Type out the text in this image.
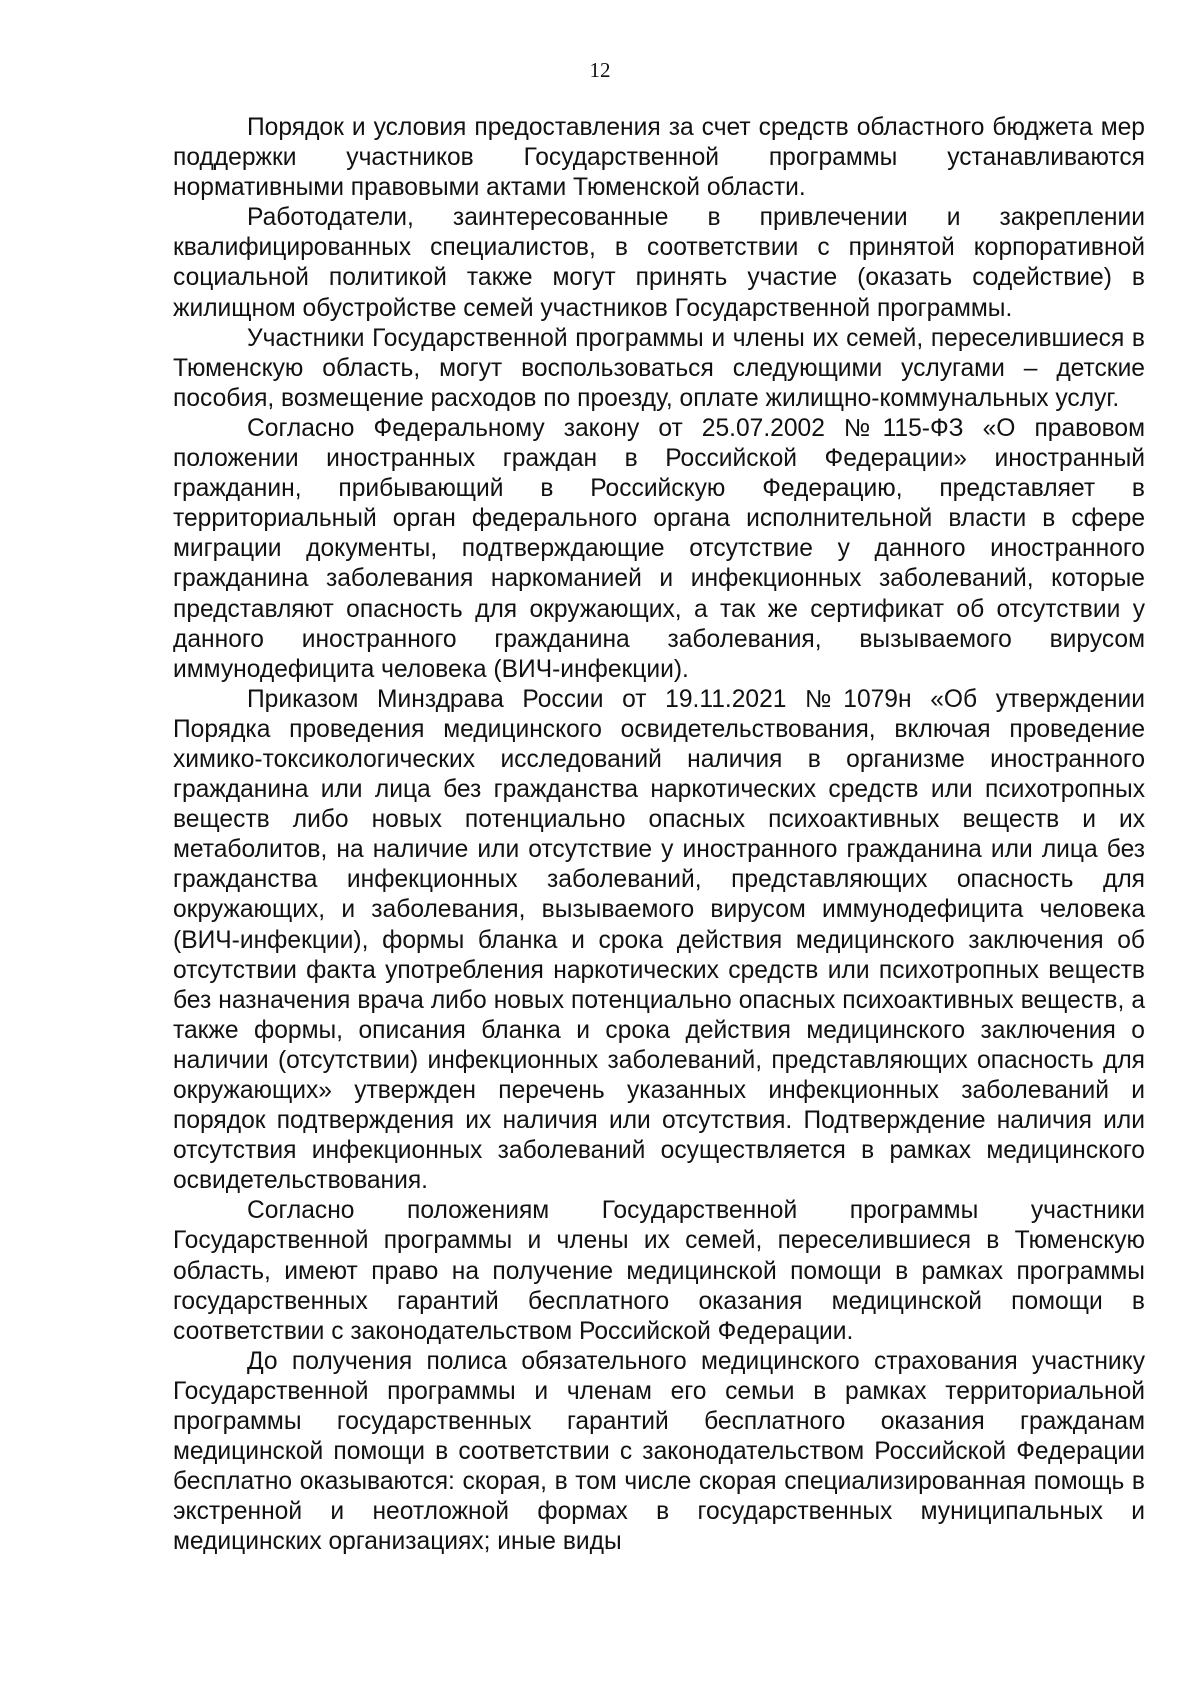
12

Порядок и условия предоставления за счет средств областного бюджета мер поддержки участников Государственной программы устанавливаются нормативными правовыми актами Тюменской области.

Работодатели, заинтересованные в привлечении и закреплении квалифицированных специалистов, в соответствии с принятой корпоративной социальной политикой также могут принять участие (оказать содействие) в жилищном обустройстве семей участников Государственной программы.

Участники Государственной программы и члены их семей, переселившиеся в Тюменскую область, могут воспользоваться следующими услугами – детские пособия, возмещение расходов по проезду, оплате жилищно-коммунальных услуг.

Согласно Федеральному закону от 25.07.2002 №115-ФЗ «О правовом положении иностранных граждан в Российской Федерации» иностранный гражданин, прибывающий в Российскую Федерацию, представляет в территориальный орган федерального органа исполнительной власти в сфере миграции документы, подтверждающие отсутствие у данного иностранного гражданина заболевания наркоманией и инфекционных заболеваний, которые представляют опасность для окружающих, а так же сертификат об отсутствии у данного иностранного гражданина заболевания, вызываемого вирусом иммунодефицита человека (ВИЧ-инфекции).

Приказом Минздрава России от 19.11.2021 №1079н «Об утверждении Порядка проведения медицинского освидетельствования, включая проведение химико-токсикологических исследований наличия в организме иностранного гражданина или лица без гражданства наркотических средств или психотропных веществ либо новых потенциально опасных психоактивных веществ и их метаболитов, на наличие или отсутствие у иностранного гражданина или лица без гражданства инфекционных заболеваний, представляющих опасность для окружающих, и заболевания, вызываемого вирусом иммунодефицита человека (ВИЧ-инфекции), формы бланка и срока действия медицинского заключения об отсутствии факта употребления наркотических средств или психотропных веществ без назначения врача либо новых потенциально опасных психоактивных веществ, а также формы, описания бланка и срока действия медицинского заключения о наличии (отсутствии) инфекционных заболеваний, представляющих опасность для окружающих» утвержден перечень указанных инфекционных заболеваний и порядок подтверждения их наличия или отсутствия. Подтверждение наличия или отсутствия инфекционных заболеваний осуществляется в рамках медицинского освидетельствования.

Согласно положениям Государственной программы участники Государственной программы и члены их семей, переселившиеся в Тюменскую область, имеют право на получение медицинской помощи в рамках программы государственных гарантий бесплатного оказания медицинской помощи в соответствии с законодательством Российской Федерации.

До получения полиса обязательного медицинского страхования участнику Государственной программы и членам его семьи в рамках территориальной программы государственных гарантий бесплатного оказания гражданам медицинской помощи в соответствии с законодательством Российской Федерации бесплатно оказываются: скорая, в том числе скорая специализированная помощь в экстренной и неотложной формах в государственных муниципальных и медицинских организациях; иные виды
